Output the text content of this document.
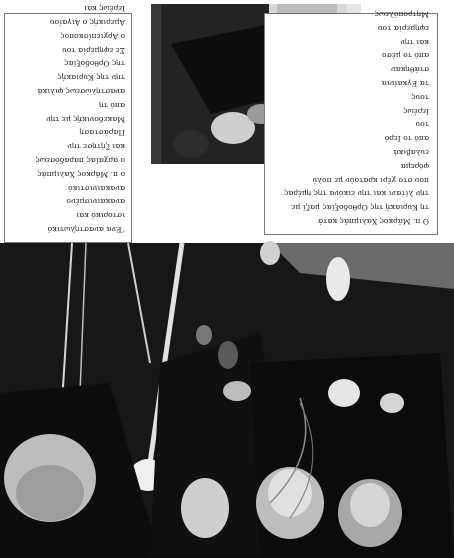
'Ένα αναστηλωτικό
ιστορικό και
ανακαινισμένο
ανακαινιστικό
ο π. Μάρκος Χαλιμπάς
ο αρχαίας παραδόσεως
και ζήτησε την
Παράσταση
Μακεδονικής με την
από τη
αναστηλώσεως φιλικά
την της Κυριακής
της Ορθοδοξίας
Σε εφημερία του
ο Αρχιεπίσκοπος
Αμερικής ο Αιγαίου
Ιερέως και
Ο π. Μάρκος Χαλιμπάς κατά
τη Κυριακή της Ορθοδοξίας μαζί με
την λίτανι και την εικόνα της ημέρας
που στο χέρι κρατούν με πολύ
φόρεμα
ευλαβικά
από το Ιερό
του
Ιερέως
τους
τα Εγκαίνια
στάθηκαν
από το μέσο
και την
εφημερία του
Μητροπόλεως
